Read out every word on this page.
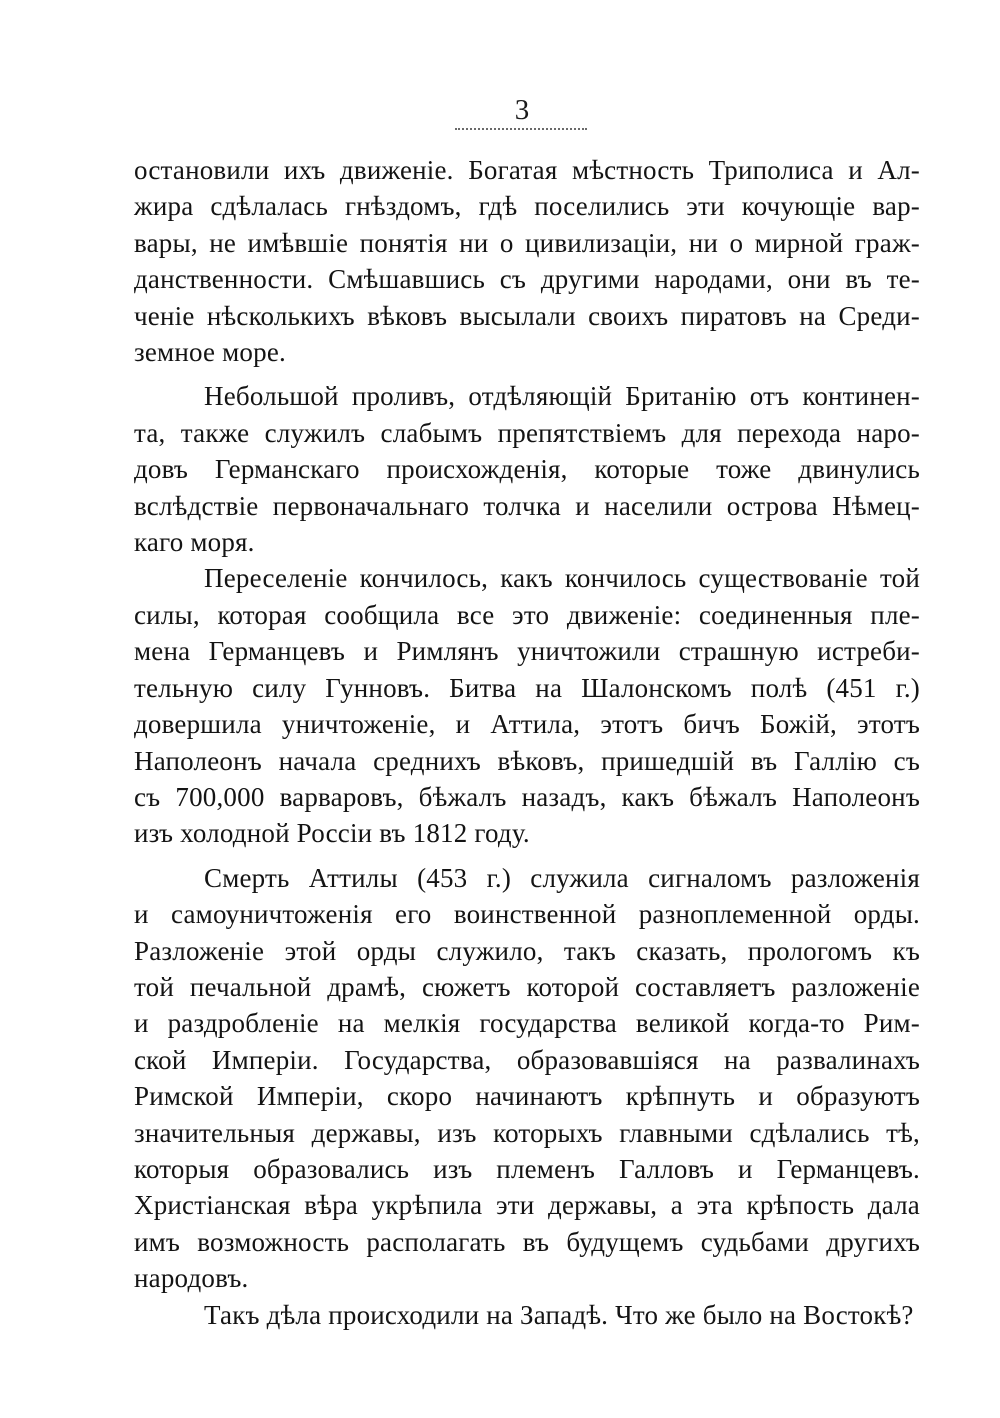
3

остановили ихъ движеніе. Богатая мѣстность Триполиса и Ал-
жира сдѣлалась гнѣздомъ, гдѣ поселились эти кочующіе вар-
вары, не имѣвшіе понятія ни о цивилизаціи, ни о мирной граж-
данственности. Смѣшавшись съ другими народами, они въ те-
ченіе нѣсколькихъ вѣковъ высылали своихъ пиратовъ на Среди-
земное море.

Небольшой проливъ, отдѣляющій Британію отъ континен-
та, также служилъ слабымъ препятствіемъ для перехода наро-
довъ Германскаго происхожденія, которые тоже двинулись
вслѣдствіе первоначальнаго толчка и населили острова Нѣмец-
каго моря.

Переселеніе кончилось, какъ кончилось существованіе той
силы, которая сообщила все это движеніе: соединенныя пле-
мена Германцевъ и Римлянъ уничтожили страшную истреби-
тельную силу Гунновъ. Битва на Шалонскомъ полѣ (451 г.)
довершила уничтоженіе, и Аттила, этотъ бичъ Божій, этотъ
Наполеонъ начала среднихъ вѣковъ, пришедшій въ Галлію съ
съ 700,000 варваровъ, бѣжалъ назадъ, какъ бѣжалъ Наполеонъ
изъ холодной Россіи въ 1812 году.

Смерть Аттилы (453 г.) служила сигналомъ разложенія
и самоуничтоженія его воинственной разноплеменной орды.
Разложеніе этой орды служило, такъ сказать, прологомъ къ
той печальной драмѣ, сюжетъ которой составляетъ разложеніе
и раздробленіе на мелкія государства великой когда-то Рим-
ской Имперіи. Государства, образовавшіяся на развалинахъ
Римской Имперіи, скоро начинаютъ крѣпнуть и образуютъ
значительныя державы, изъ которыхъ главными сдѣлались тѣ,
которыя образовались изъ племенъ Галловъ и Германцевъ.
Христіанская вѣра укрѣпила эти державы, а эта крѣпость дала
имъ возможность располагать въ будущемъ судьбами другихъ
народовъ.

Такъ дѣла происходили на Западѣ. Что же было на Востокѣ?
